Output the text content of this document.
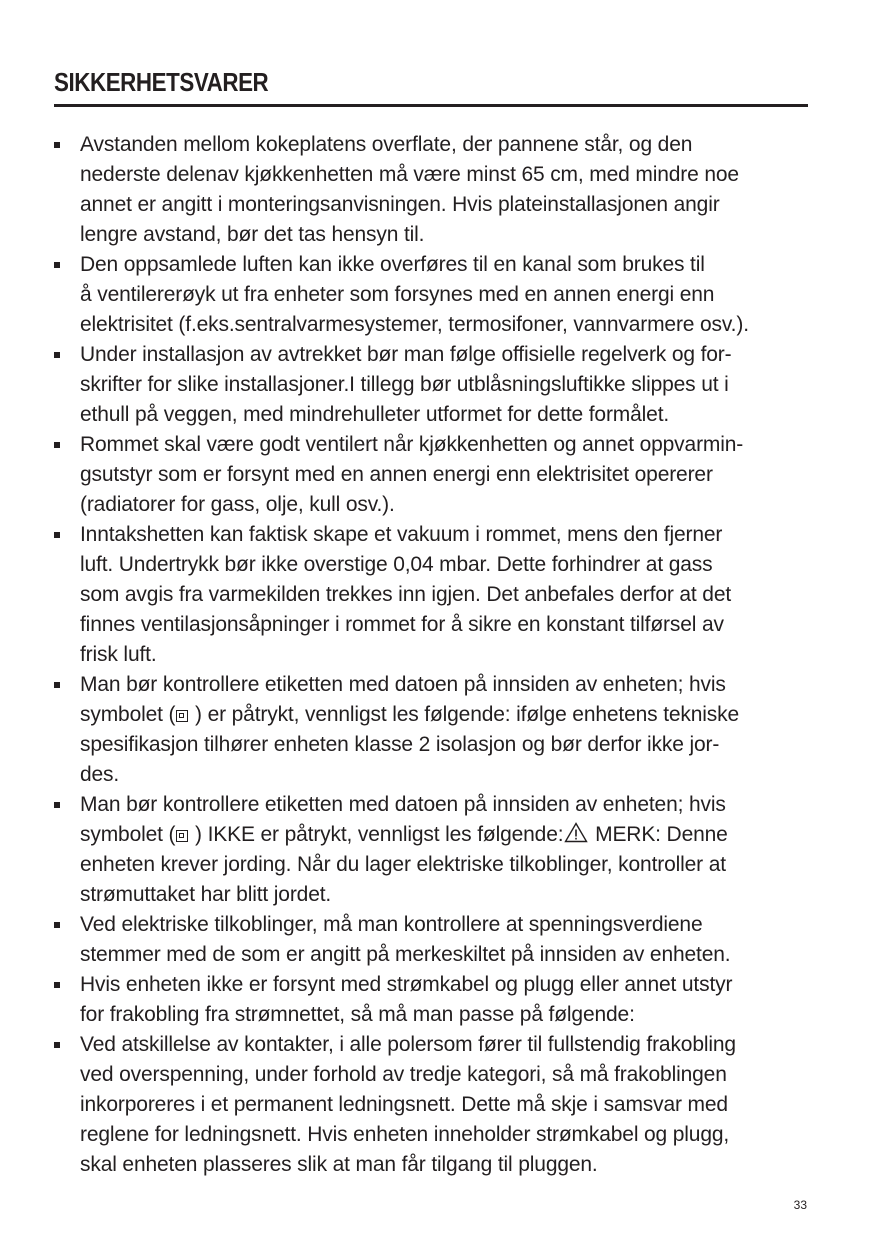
SIKKERHETSVARER
Avstanden mellom kokeplatens overflate, der pannene står, og den
nederste delenav kjøkkenhetten må være minst 65 cm, med mindre noe
annet er angitt i monteringsanvisningen. Hvis plateinstallasjonen angir
lengre avstand, bør det tas hensyn til.
Den oppsamlede luften kan ikke overføres til en kanal som brukes til
å ventilererøyk ut fra enheter som forsynes med en annen energi enn
elektrisitet (f.eks.sentralvarmesystemer, termosifoner, vannvarmere osv.).
Under installasjon av avtrekket bør man følge offisielle regelverk og for-
skrifter for slike installasjoner.I tillegg bør utblåsningsluftikke slippes ut i
ethull på veggen, med mindrehulleter utformet for dette formålet.
Rommet skal være godt ventilert når kjøkkenhetten og annet oppvarmin-
gsutstyr som er forsynt med en annen energi enn elektrisitet opererer
(radiatorer for gass, olje, kull osv.).
Inntakshetten kan faktisk skape et vakuum i rommet, mens den fjerner
luft. Undertrykk bør ikke overstige 0,04 mbar. Dette forhindrer at gass
som avgis fra varmekilden trekkes inn igjen. Det anbefales derfor at det
finnes ventilasjonsåpninger i rommet for å sikre en konstant tilførsel av
frisk luft.
Man bør kontrollere etiketten med datoen på innsiden av enheten; hvis
symbolet ( ) er påtrykt, vennligst les følgende: ifølge enhetens tekniske
spesifikasjon tilhører enheten klasse 2 isolasjon og bør derfor ikke jor-
des.
Man bør kontrollere etiketten med datoen på innsiden av enheten; hvis
symbolet ( ) IKKE er påtrykt, vennligst les følgende: MERK: Denne
enheten krever jording. Når du lager elektriske tilkoblinger, kontroller at
strømuttaket har blitt jordet.
Ved elektriske tilkoblinger, må man kontrollere at spenningsverdiene
stemmer med de som er angitt på merkeskiltet på innsiden av enheten.
Hvis enheten ikke er forsynt med strømkabel og plugg eller annet utstyr
for frakobling fra strømnettet, så må man passe på følgende:
Ved atskillelse av kontakter, i alle polersom fører til fullstendig frakobling
ved overspenning, under forhold av tredje kategori, så må frakoblingen
inkorporeres i et permanent ledningsnett. Dette må skje i samsvar med
reglene for ledningsnett. Hvis enheten inneholder strømkabel og plugg,
skal enheten plasseres slik at man får tilgang til pluggen.
33
